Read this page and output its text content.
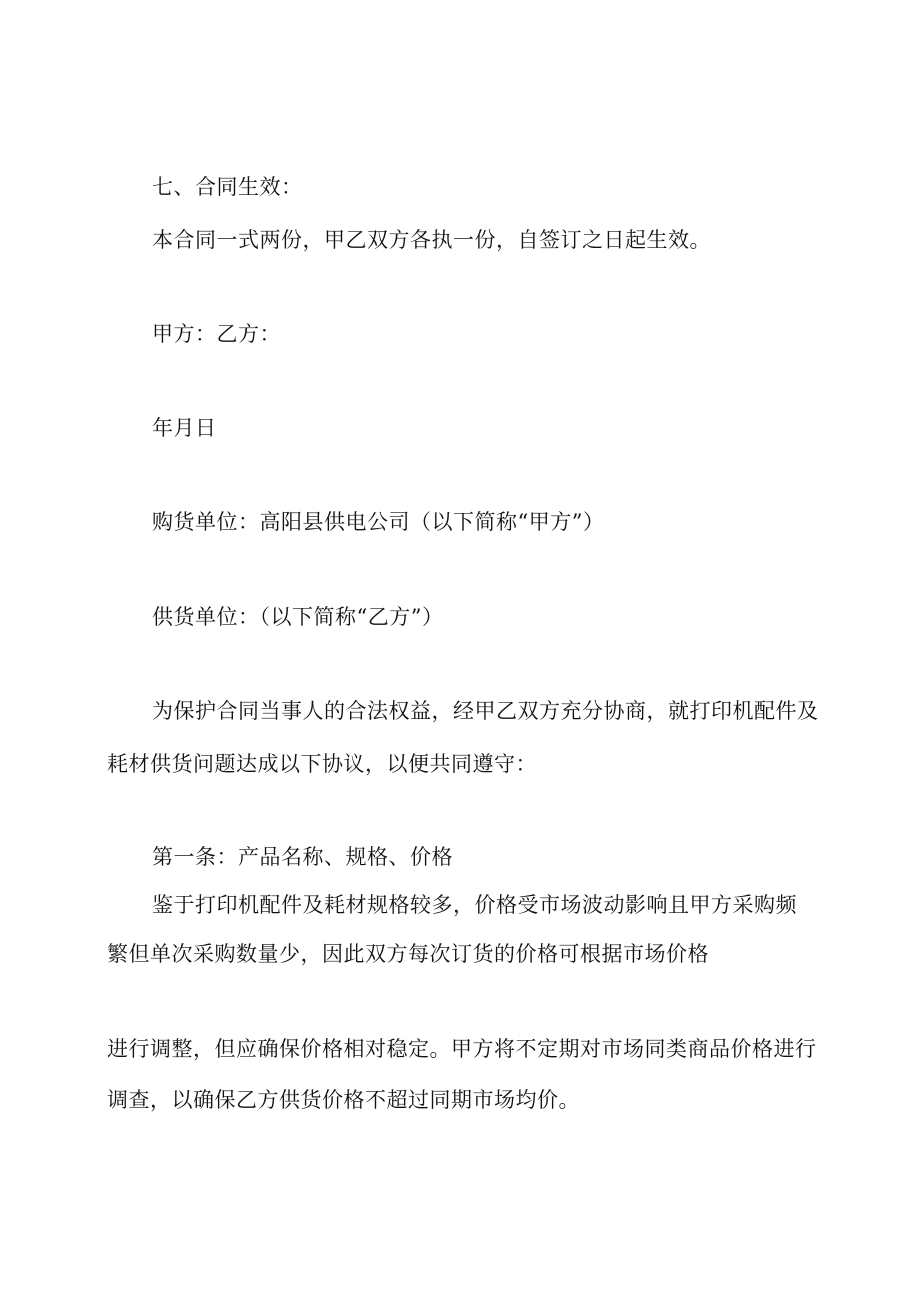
七、合同生效：

本合同一式两份，甲乙双方各执一份，自签订之日起生效。

甲方：乙方：

年月日

购货单位：高阳县供电公司（以下简称“甲方”）

供货单位：（以下简称“乙方”）

为保护合同当事人的合法权益，经甲乙双方充分协商，就打印机配件及

耗材供货问题达成以下协议，以便共同遵守：

第一条：产品名称、规格、价格

鉴于打印机配件及耗材规格较多，价格受市场波动影响且甲方采购频

繁但单次采购数量少，因此双方每次订货的价格可根据市场价格

进行调整，但应确保价格相对稳定。甲方将不定期对市场同类商品价格进行

调查，以确保乙方供货价格不超过同期市场均价。
